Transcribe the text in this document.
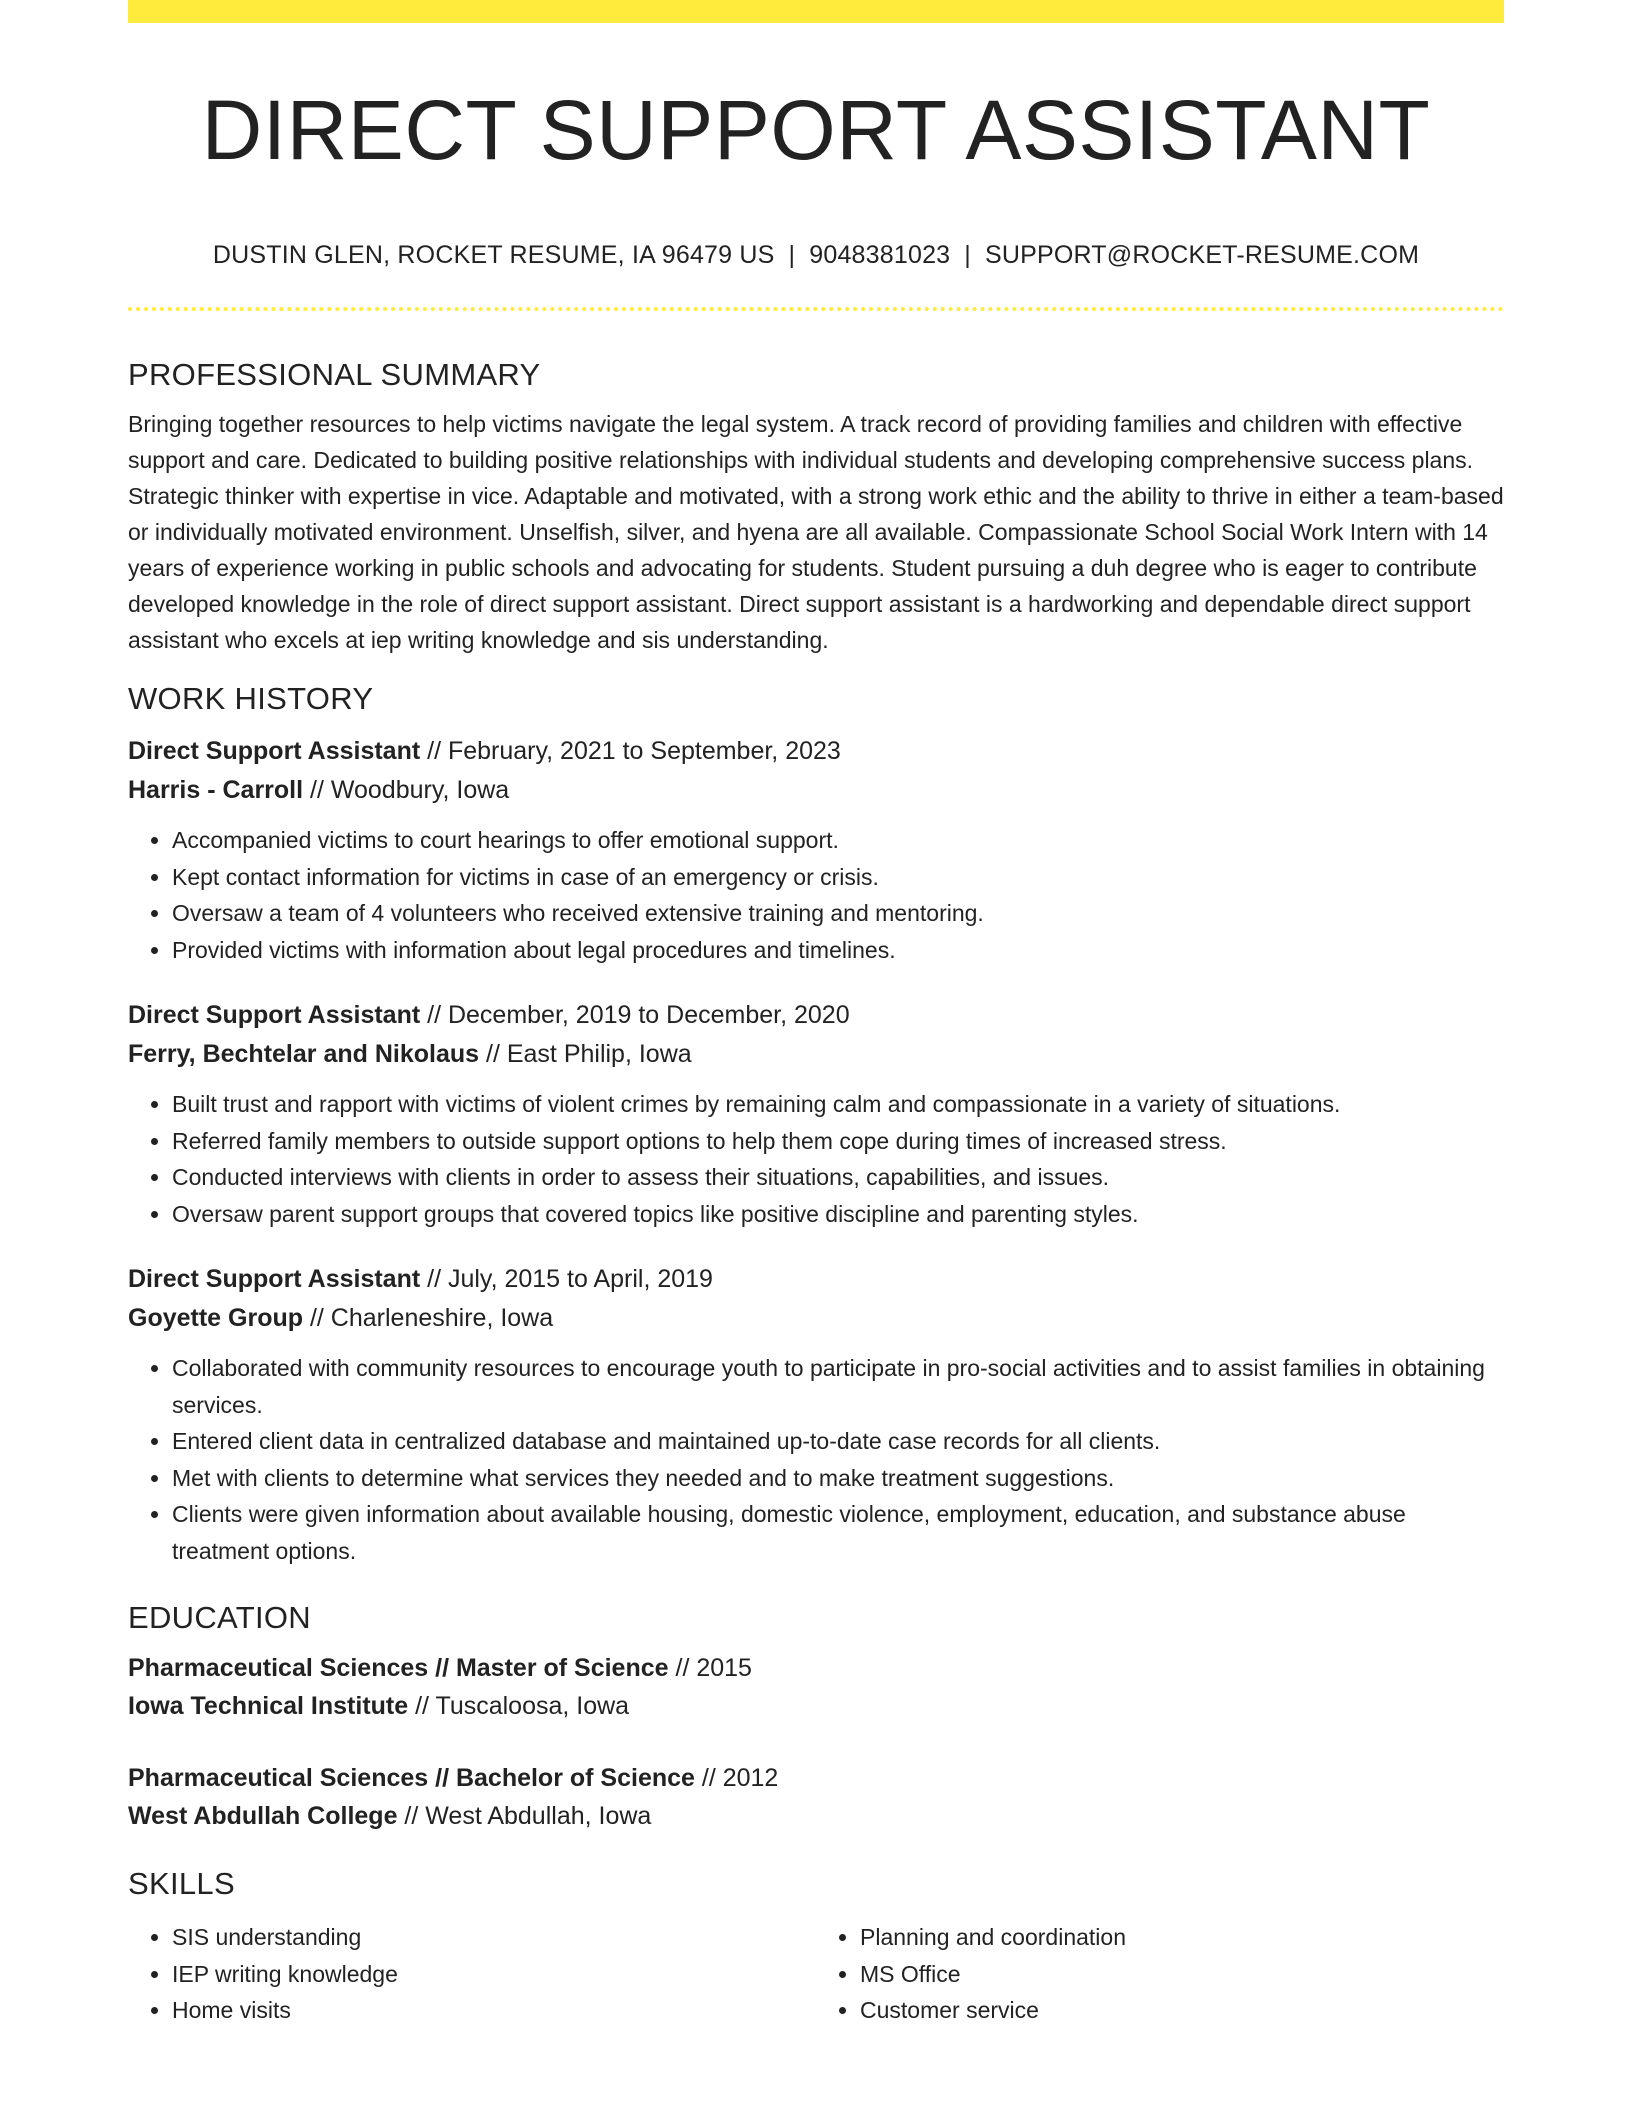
DIRECT SUPPORT ASSISTANT
DUSTIN GLEN, ROCKET RESUME, IA 96479 US | 9048381023 | SUPPORT@ROCKET-RESUME.COM
PROFESSIONAL SUMMARY

Bringing together resources to help victims navigate the legal system. A track record of providing families and children with effective support and care. Dedicated to building positive relationships with individual students and developing comprehensive success plans. Strategic thinker with expertise in vice. Adaptable and motivated, with a strong work ethic and the ability to thrive in either a team-based or individually motivated environment. Unselfish, silver, and hyena are all available. Compassionate School Social Work Intern with 14 years of experience working in public schools and advocating for students. Student pursuing a duh degree who is eager to contribute developed knowledge in the role of direct support assistant. Direct support assistant is a hardworking and dependable direct support assistant who excels at iep writing knowledge and sis understanding.

WORK HISTORY
Direct Support Assistant // February, 2021 to September, 2023
Harris - Carroll // Woodbury, Iowa
• Accompanied victims to court hearings to offer emotional support.
• Kept contact information for victims in case of an emergency or crisis.
• Oversaw a team of 4 volunteers who received extensive training and mentoring.
• Provided victims with information about legal procedures and timelines.
Direct Support Assistant // December, 2019 to December, 2020
Ferry, Bechtelar and Nikolaus // East Philip, Iowa
• Built trust and rapport with victims of violent crimes by remaining calm and compassionate in a variety of situations.
• Referred family members to outside support options to help them cope during times of increased stress.
• Conducted interviews with clients in order to assess their situations, capabilities, and issues.
• Oversaw parent support groups that covered topics like positive discipline and parenting styles.
Direct Support Assistant // July, 2015 to April, 2019
Goyette Group // Charleneshire, Iowa
• Collaborated with community resources to encourage youth to participate in pro-social activities and to assist families in obtaining services.
• Entered client data in centralized database and maintained up-to-date case records for all clients.
• Met with clients to determine what services they needed and to make treatment suggestions.
• Clients were given information about available housing, domestic violence, employment, education, and substance abuse treatment options.
EDUCATION
Pharmaceutical Sciences // Master of Science // 2015
Iowa Technical Institute // Tuscaloosa, Iowa
Pharmaceutical Sciences // Bachelor of Science // 2012
West Abdullah College // West Abdullah, Iowa
SKILLS
• SIS understanding
• IEP writing knowledge
• Home visits
• Planning and coordination
• MS Office
• Customer service
